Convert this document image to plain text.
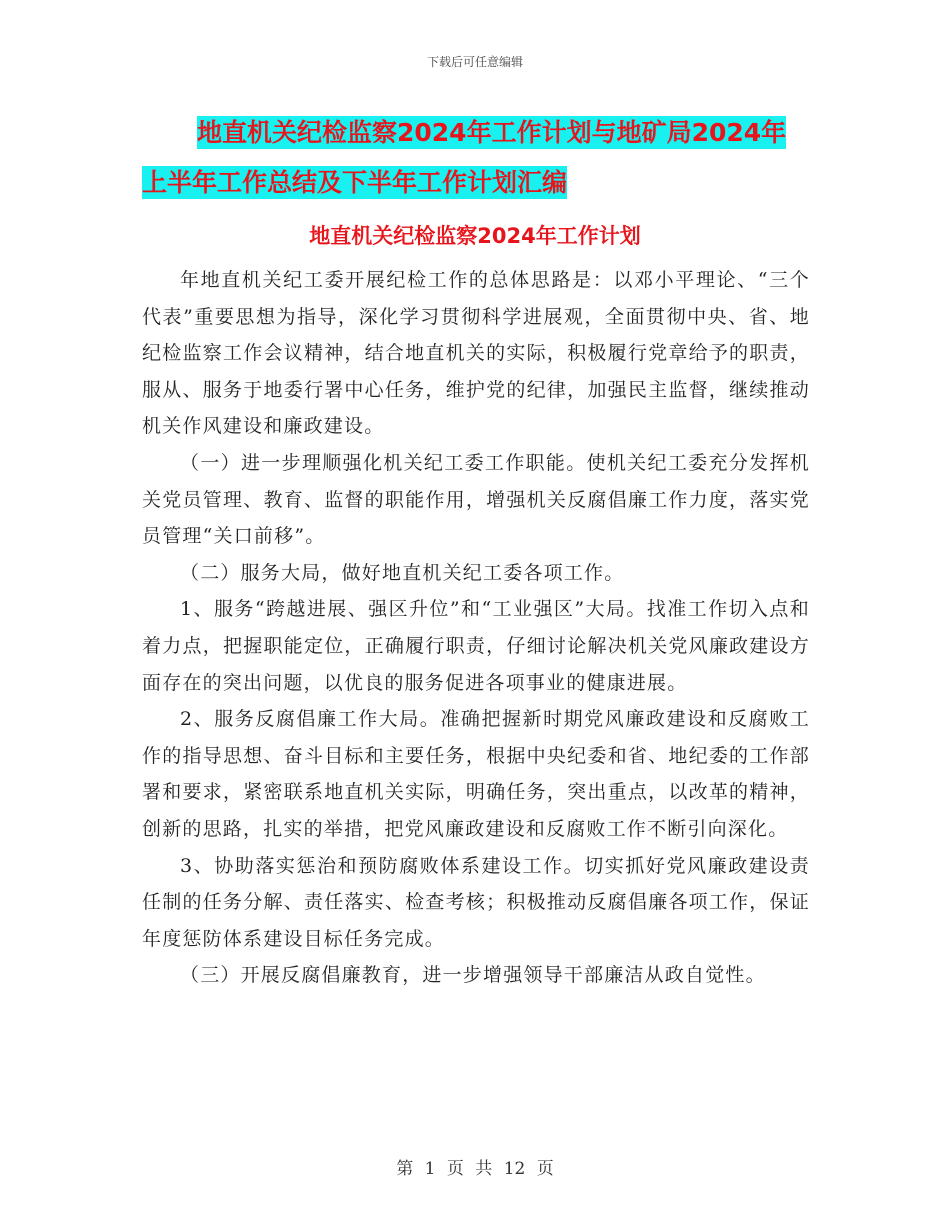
下载后可任意编辑
地直机关纪检监察2024年工作计划与地矿局2024年
上半年工作总结及下半年工作计划汇编
地直机关纪检监察2024年工作计划

年地直机关纪工委开展纪检工作的总体思路是：以邓小平理论、“三个代表”重要思想为指导，深化学习贯彻科学进展观，全面贯彻中央、省、地纪检监察工作会议精神，结合地直机关的实际，积极履行党章给予的职责，服从、服务于地委行署中心任务，维护党的纪律，加强民主监督，继续推动机关作风建设和廉政建设。

（一）进一步理顺强化机关纪工委工作职能。使机关纪工委充分发挥机关党员管理、教育、监督的职能作用，增强机关反腐倡廉工作力度，落实党员管理“关口前移”。

（二）服务大局，做好地直机关纪工委各项工作。

1、服务“跨越进展、强区升位”和“工业强区”大局。找准工作切入点和着力点，把握职能定位，正确履行职责，仔细讨论解决机关党风廉政建设方面存在的突出问题，以优良的服务促进各项事业的健康进展。

2、服务反腐倡廉工作大局。准确把握新时期党风廉政建设和反腐败工作的指导思想、奋斗目标和主要任务，根据中央纪委和省、地纪委的工作部署和要求，紧密联系地直机关实际，明确任务，突出重点，以改革的精神，创新的思路，扎实的举措，把党风廉政建设和反腐败工作不断引向深化。

3、协助落实惩治和预防腐败体系建设工作。切实抓好党风廉政建设责任制的任务分解、责任落实、检查考核；积极推动反腐倡廉各项工作，保证年度惩防体系建设目标任务完成。

（三）开展反腐倡廉教育，进一步增强领导干部廉洁从政自觉性。

第 1 页 共 12 页
